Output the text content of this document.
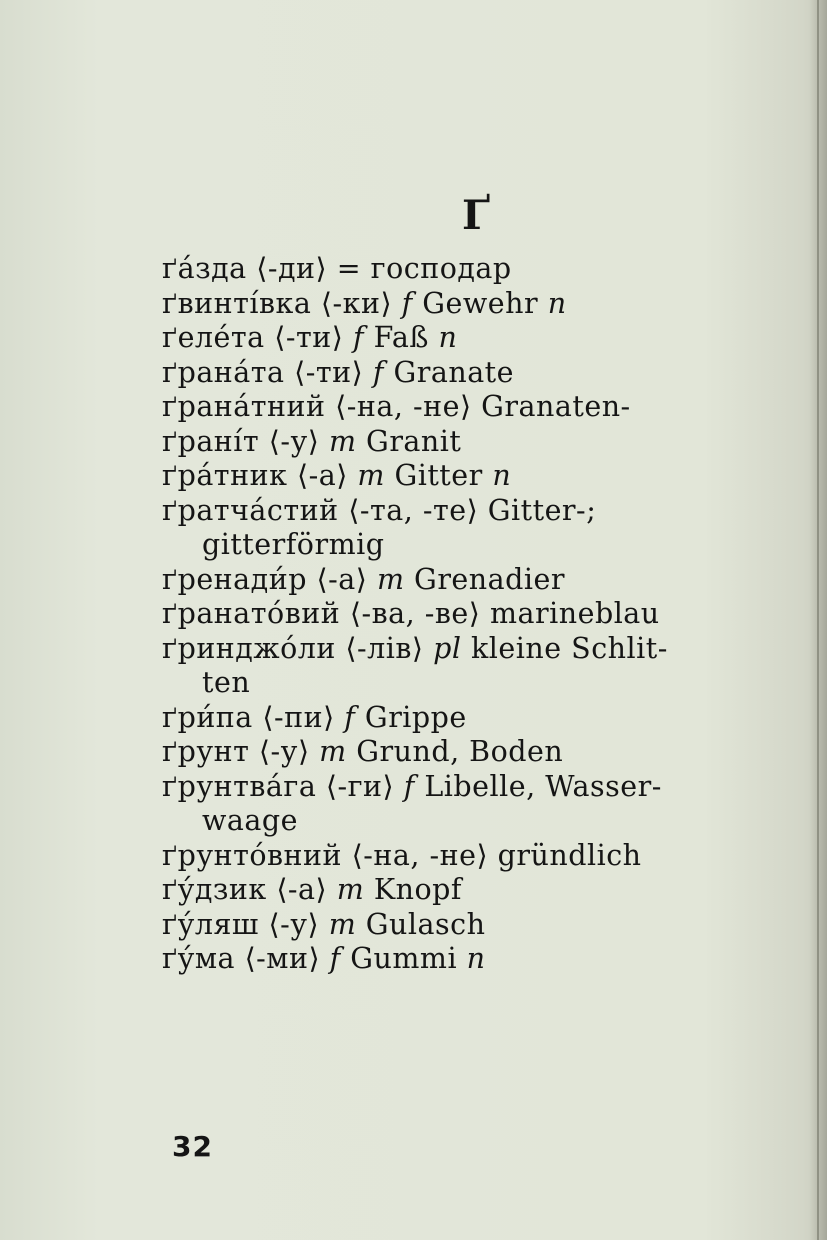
Ґ
ґа́зда ⟨-ди⟩ = господар
ґвинті́вка ⟨-ки⟩ f Gewehr n
ґеле́та ⟨-ти⟩ f Faß n
ґрана́та ⟨-ти⟩ f Granate
ґрана́тний ⟨-на, -не⟩ Granaten-
ґрані́т ⟨-у⟩ m Granit
ґра́тник ⟨-а⟩ m Gitter n
ґратча́стий ⟨-та, -те⟩ Gitter-;
gitterförmig
ґренади́р ⟨-а⟩ m Grenadier
ґранато́вий ⟨-ва, -ве⟩ marineblau
ґринджо́ли ⟨-лів⟩ pl kleine Schlit-
ten
ґри́па ⟨-пи⟩ f Grippe
ґрунт ⟨-у⟩ m Grund, Boden
ґрунтва́га ⟨-ги⟩ f Libelle, Wasser-
waage
ґрунто́вний ⟨-на, -не⟩ gründlich
ґу́дзик ⟨-а⟩ m Knopf
ґу́ляш ⟨-у⟩ m Gulasch
ґу́ма ⟨-ми⟩ f Gummi n
32
